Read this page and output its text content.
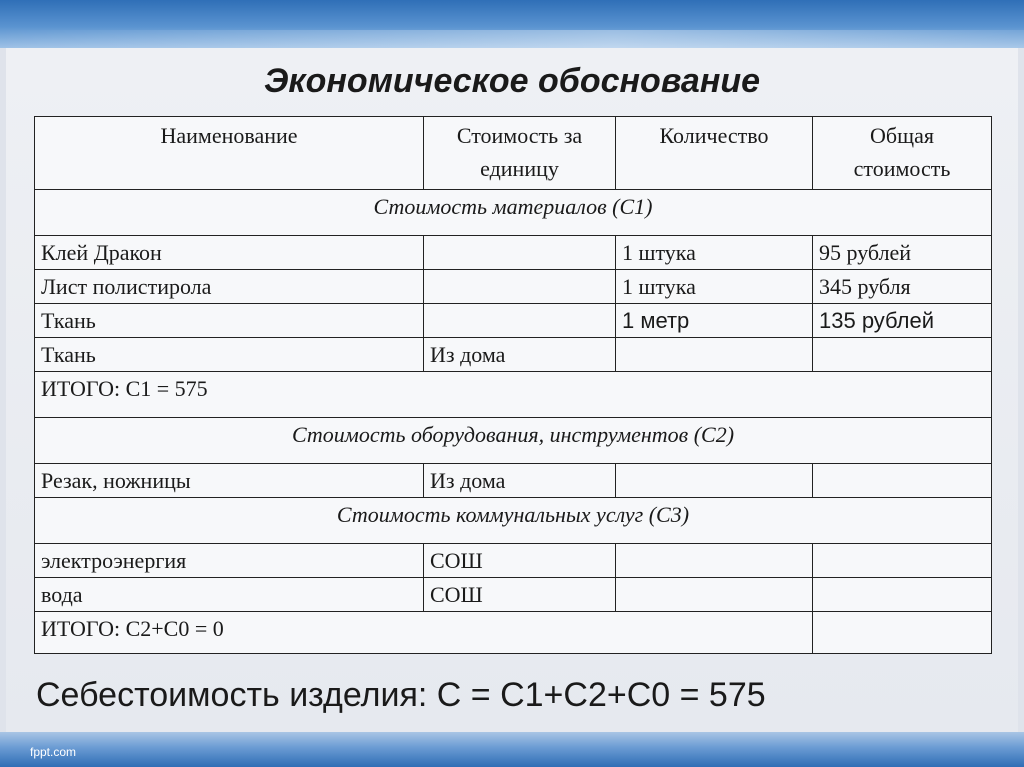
fppt.com
Экономическое обоснование
Наименование	Стоимость за единицу	Количество	Общая стоимость
Стоимость материалов (С1)			
Клей Дракон		1 штука	95 рублей
Лист полистирола		1 штука	345 рубля
Ткань		1 метр	135 рублей
Ткань	Из дома		
ИТОГО: С1 = 575			
Стоимость оборудования, инструментов (С2)			
Резак, ножницы	Из дома		
Стоимость коммунальных услуг (С3)			
электроэнергия	СОШ		
вода	СОШ		
ИТОГО: С2+С0 = 0			
Себестоимость изделия: С = С1+С2+С0 = 575
